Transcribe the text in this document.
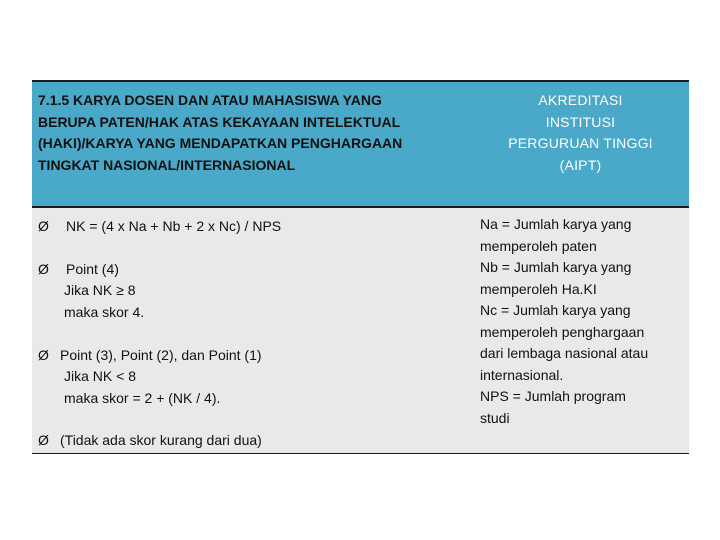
7.1.5 KARYA DOSEN DAN ATAU MAHASISWA YANG
BERUPA PATEN/HAK ATAS KEKAYAAN INTELEKTUAL
(HAKI)/KARYA YANG MENDAPATKAN PENGHARGAAN
TINGKAT NASIONAL/INTERNASIONAL
AKREDITASI
INSTITUSI
PERGURUAN TINGGI
(AIPT)
Ø	NK = (4 x Na + Nb + 2 x Nc) / NPS
Ø	Point (4)
Jika NK ≥ 8
maka skor 4.
Ø Point (3), Point (2), dan Point (1)
Jika NK < 8
maka skor = 2 + (NK / 4).
Ø (Tidak ada skor kurang dari dua)
Na = Jumlah karya yang
memperoleh paten
Nb = Jumlah karya yang
memperoleh Ha.KI
Nc = Jumlah karya yang
memperoleh penghargaan
dari lembaga nasional atau
internasional.
NPS = Jumlah program
studi
